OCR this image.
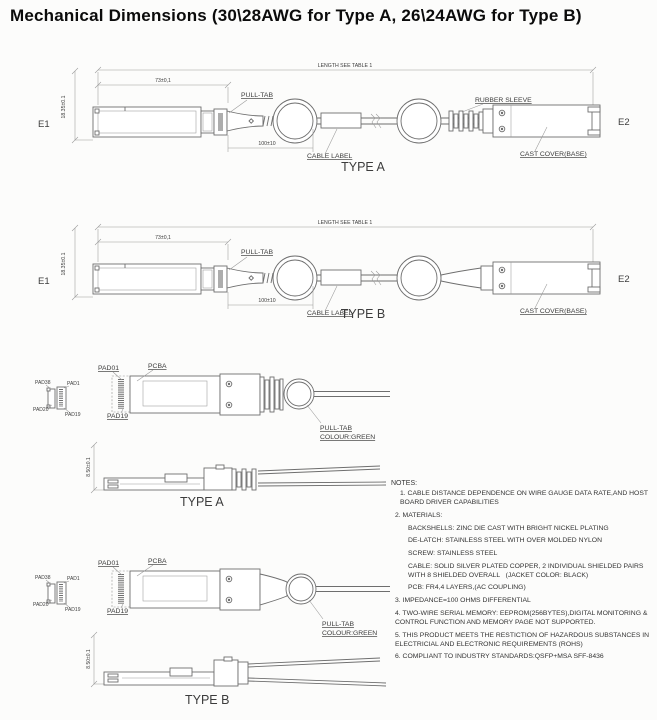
Mechanical Dimensions (30\28AWG for Type A, 26\24AWG for Type B)
LENGTH SEE TABLE 1
73±0,1
18.35±0.1
E1
PULL-TAB
100±10
CABLE LABEL
RUBBER SLEEVE
E2
CAST COVER(BASE)
TYPE A
LENGTH SEE TABLE 1
73±0,1
18.35±0.1
E1
PULL-TAB
100±10
CABLE LABEL
E2
CAST COVER(BASE)
TYPE B
PAD38	PAD1
PAD20
PAD19
PAD01	PCBA
PAD19
PULL-TAB
COLOUR:GREEN
8.50±0.1
TYPE A
NOTES:
1. CABLE DISTANCE DEPENDENCE ON WIRE GAUGE DATA RATE,AND HOST BOARD DRIVER CAPABILITIES
2. MATERIALS:
BACKSHELLS: ZINC DIE CAST WITH BRIGHT NICKEL PLATING
DE-LATCH: STAINLESS STEEL WITH OVER MOLDED NYLON
SCREW: STAINLESS STEEL
CABLE: SOLID SILVER PLATED COPPER, 2 INDIVIDUAL SHIELDED PAIRS WITH 8 SHIELDED OVERALL   (JACKET COLOR: BLACK)
PCB: FR4,4 LAYERS,(AC COUPLING)
3. IMPEDANCE=100 OHMS DIFFERENTIAL
4. TWO-WIRE SERIAL MEMORY: EEPROM(256BYTES),DIGITAL MONITORING & CONTROL FUNCTION AND MEMORY PAGE NOT SUPPORTED.
5. THIS PRODUCT MEETS THE RESTICTION OF HAZARDOUS SUBSTANCES IN ELECTRICIAL AND ELECTRONIC REQUIREMENTS (ROHS)
6. COMPLIANT TO INDUSTRY STANDARDS:QSFP+MSA SFF-8436
PAD38	PAD1
PAD20
PAD19
PAD01	PCBA
PAD19
PULL-TAB
COLOUR:GREEN
8.50±0.1
TYPE B
